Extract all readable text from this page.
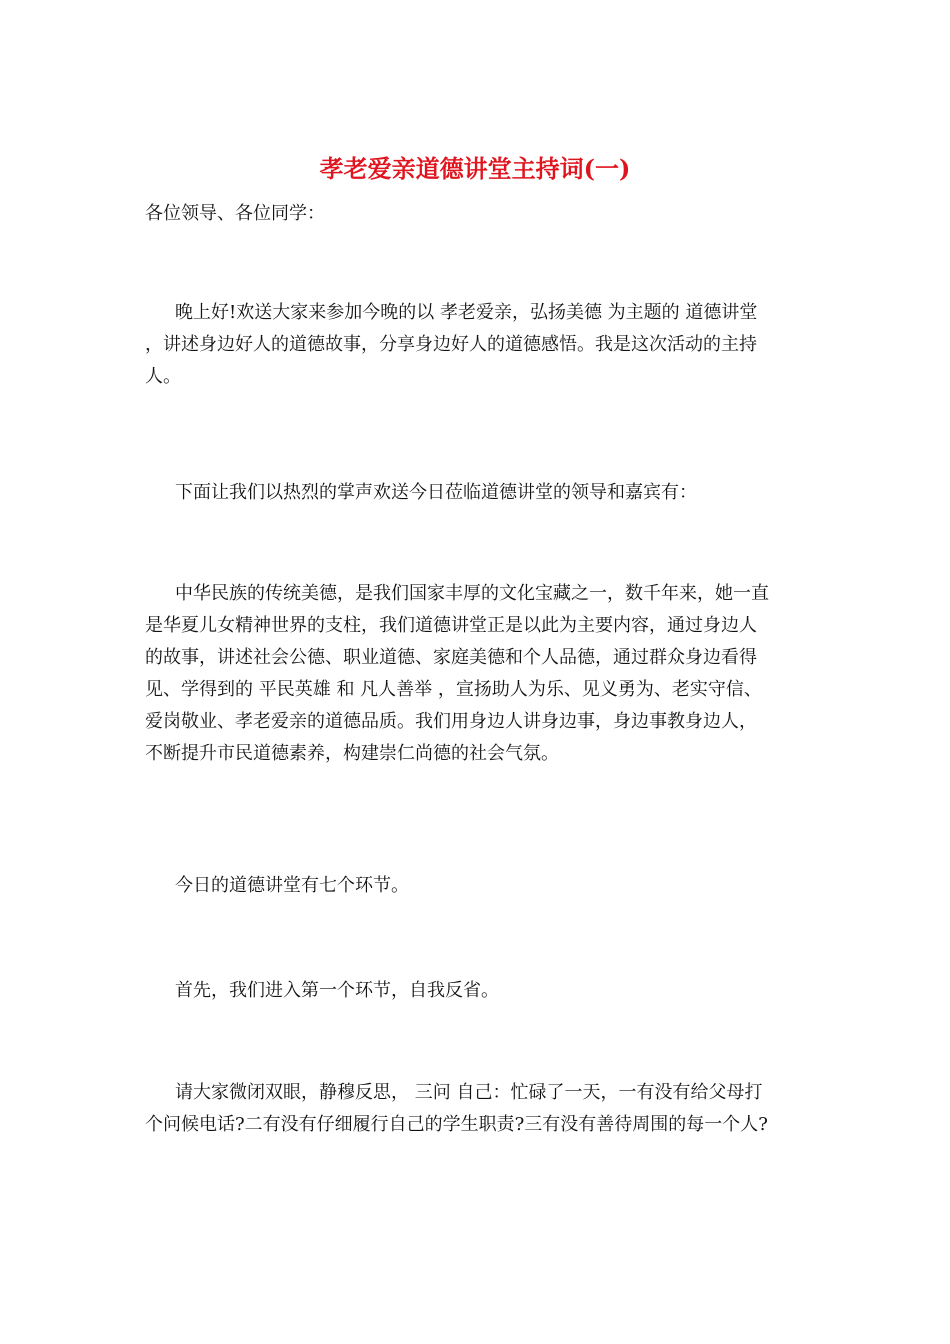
孝老爱亲道德讲堂主持词(一)
各位领导、各位同学：
晚上好!欢送大家来参加今晚的以 孝老爱亲，弘扬美德 为主题的 道德讲堂
，讲述身边好人的道德故事，分享身边好人的道德感悟。我是这次活动的主持
人。
下面让我们以热烈的掌声欢送今日莅临道德讲堂的领导和嘉宾有：
中华民族的传统美德，是我们国家丰厚的文化宝藏之一，数千年来，她一直
是华夏儿女精神世界的支柱，我们道德讲堂正是以此为主要内容，通过身边人
的故事，讲述社会公德、职业道德、家庭美德和个人品德，通过群众身边看得
见、学得到的 平民英雄 和 凡人善举 ，宣扬助人为乐、见义勇为、老实守信、
爱岗敬业、孝老爱亲的道德品质。我们用身边人讲身边事，身边事教身边人，
不断提升市民道德素养，构建崇仁尚德的社会气氛。
今日的道德讲堂有七个环节。
首先，我们进入第一个环节，自我反省。
请大家微闭双眼，静穆反思， 三问 自己：忙碌了一天，一有没有给父母打
个问候电话?二有没有仔细履行自己的学生职责?三有没有善待周围的每一个人?
